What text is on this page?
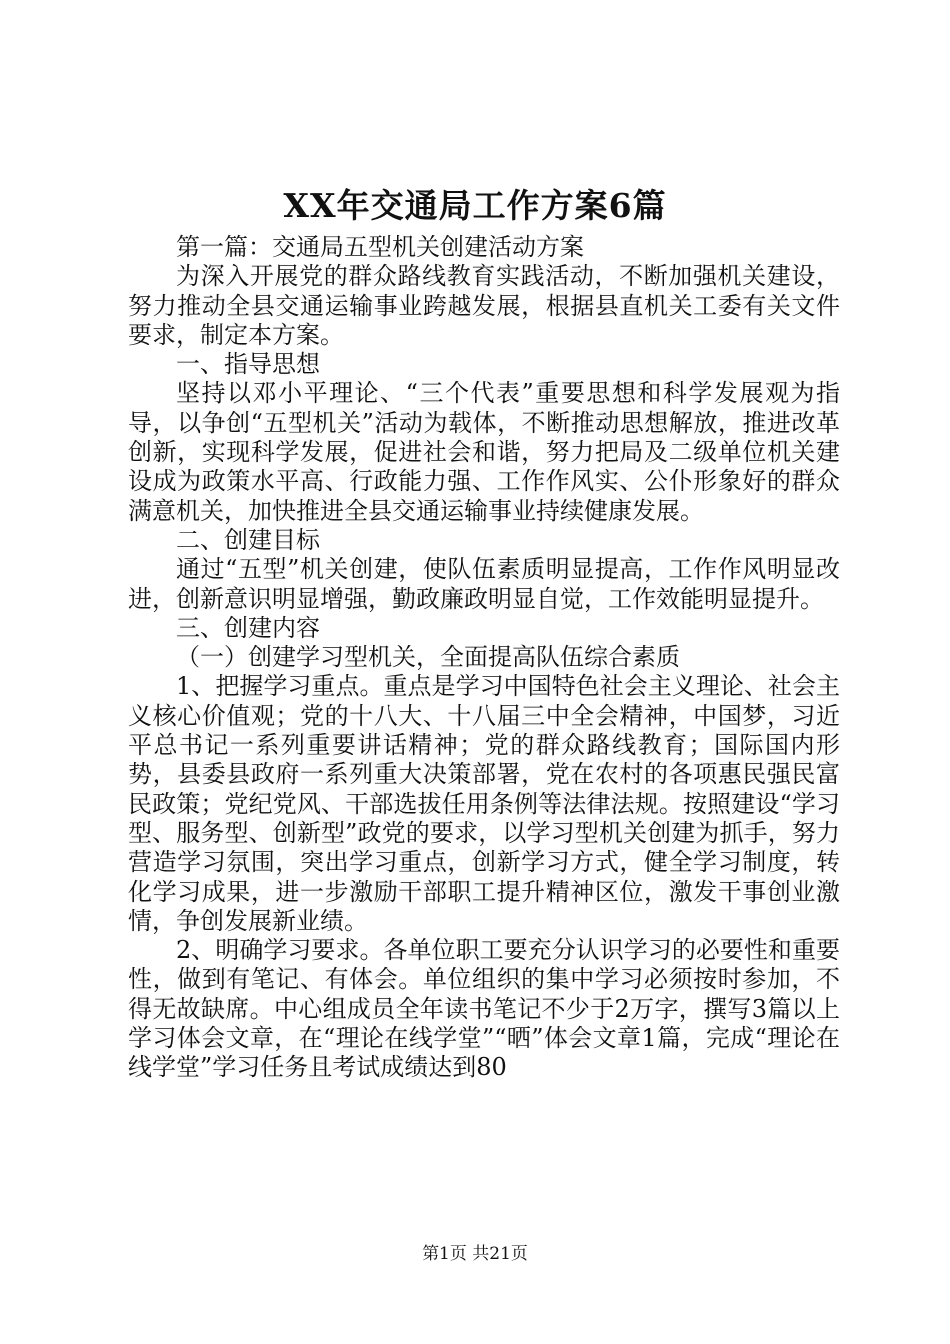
XX年交通局工作方案6篇

第一篇：交通局五型机关创建活动方案

为深入开展党的群众路线教育实践活动，不断加强机关建设，努力推动全县交通运输事业跨越发展，根据县直机关工委有关文件要求，制定本方案。

一、指导思想

坚持以邓小平理论、“三个代表”重要思想和科学发展观为指导，以争创“五型机关”活动为载体，不断推动思想解放，推进改革创新，实现科学发展，促进社会和谐，努力把局及二级单位机关建设成为政策水平高、行政能力强、工作作风实、公仆形象好的群众满意机关，加快推进全县交通运输事业持续健康发展。

二、创建目标

通过“五型”机关创建，使队伍素质明显提高，工作作风明显改进，创新意识明显增强，勤政廉政明显自觉，工作效能明显提升。

三、创建内容

（一）创建学习型机关，全面提高队伍综合素质

1、把握学习重点。重点是学习中国特色社会主义理论、社会主义核心价值观；党的十八大、十八届三中全会精神，中国梦，习近平总书记一系列重要讲话精神；党的群众路线教育；国际国内形势，县委县政府一系列重大决策部署，党在农村的各项惠民强民富民政策；党纪党风、干部选拔任用条例等法律法规。按照建设“学习型、服务型、创新型”政党的要求，以学习型机关创建为抓手，努力营造学习氛围，突出学习重点，创新学习方式，健全学习制度，转化学习成果，进一步激励干部职工提升精神区位，激发干事创业激情，争创发展新业绩。

2、明确学习要求。各单位职工要充分认识学习的必要性和重要性，做到有笔记、有体会。单位组织的集中学习必须按时参加，不得无故缺席。中心组成员全年读书笔记不少于2万字，撰写3篇以上学习体会文章，在“理论在线学堂”“晒”体会文章1篇，完成“理论在线学堂”学习任务且考试成绩达到80

第1页 共21页
